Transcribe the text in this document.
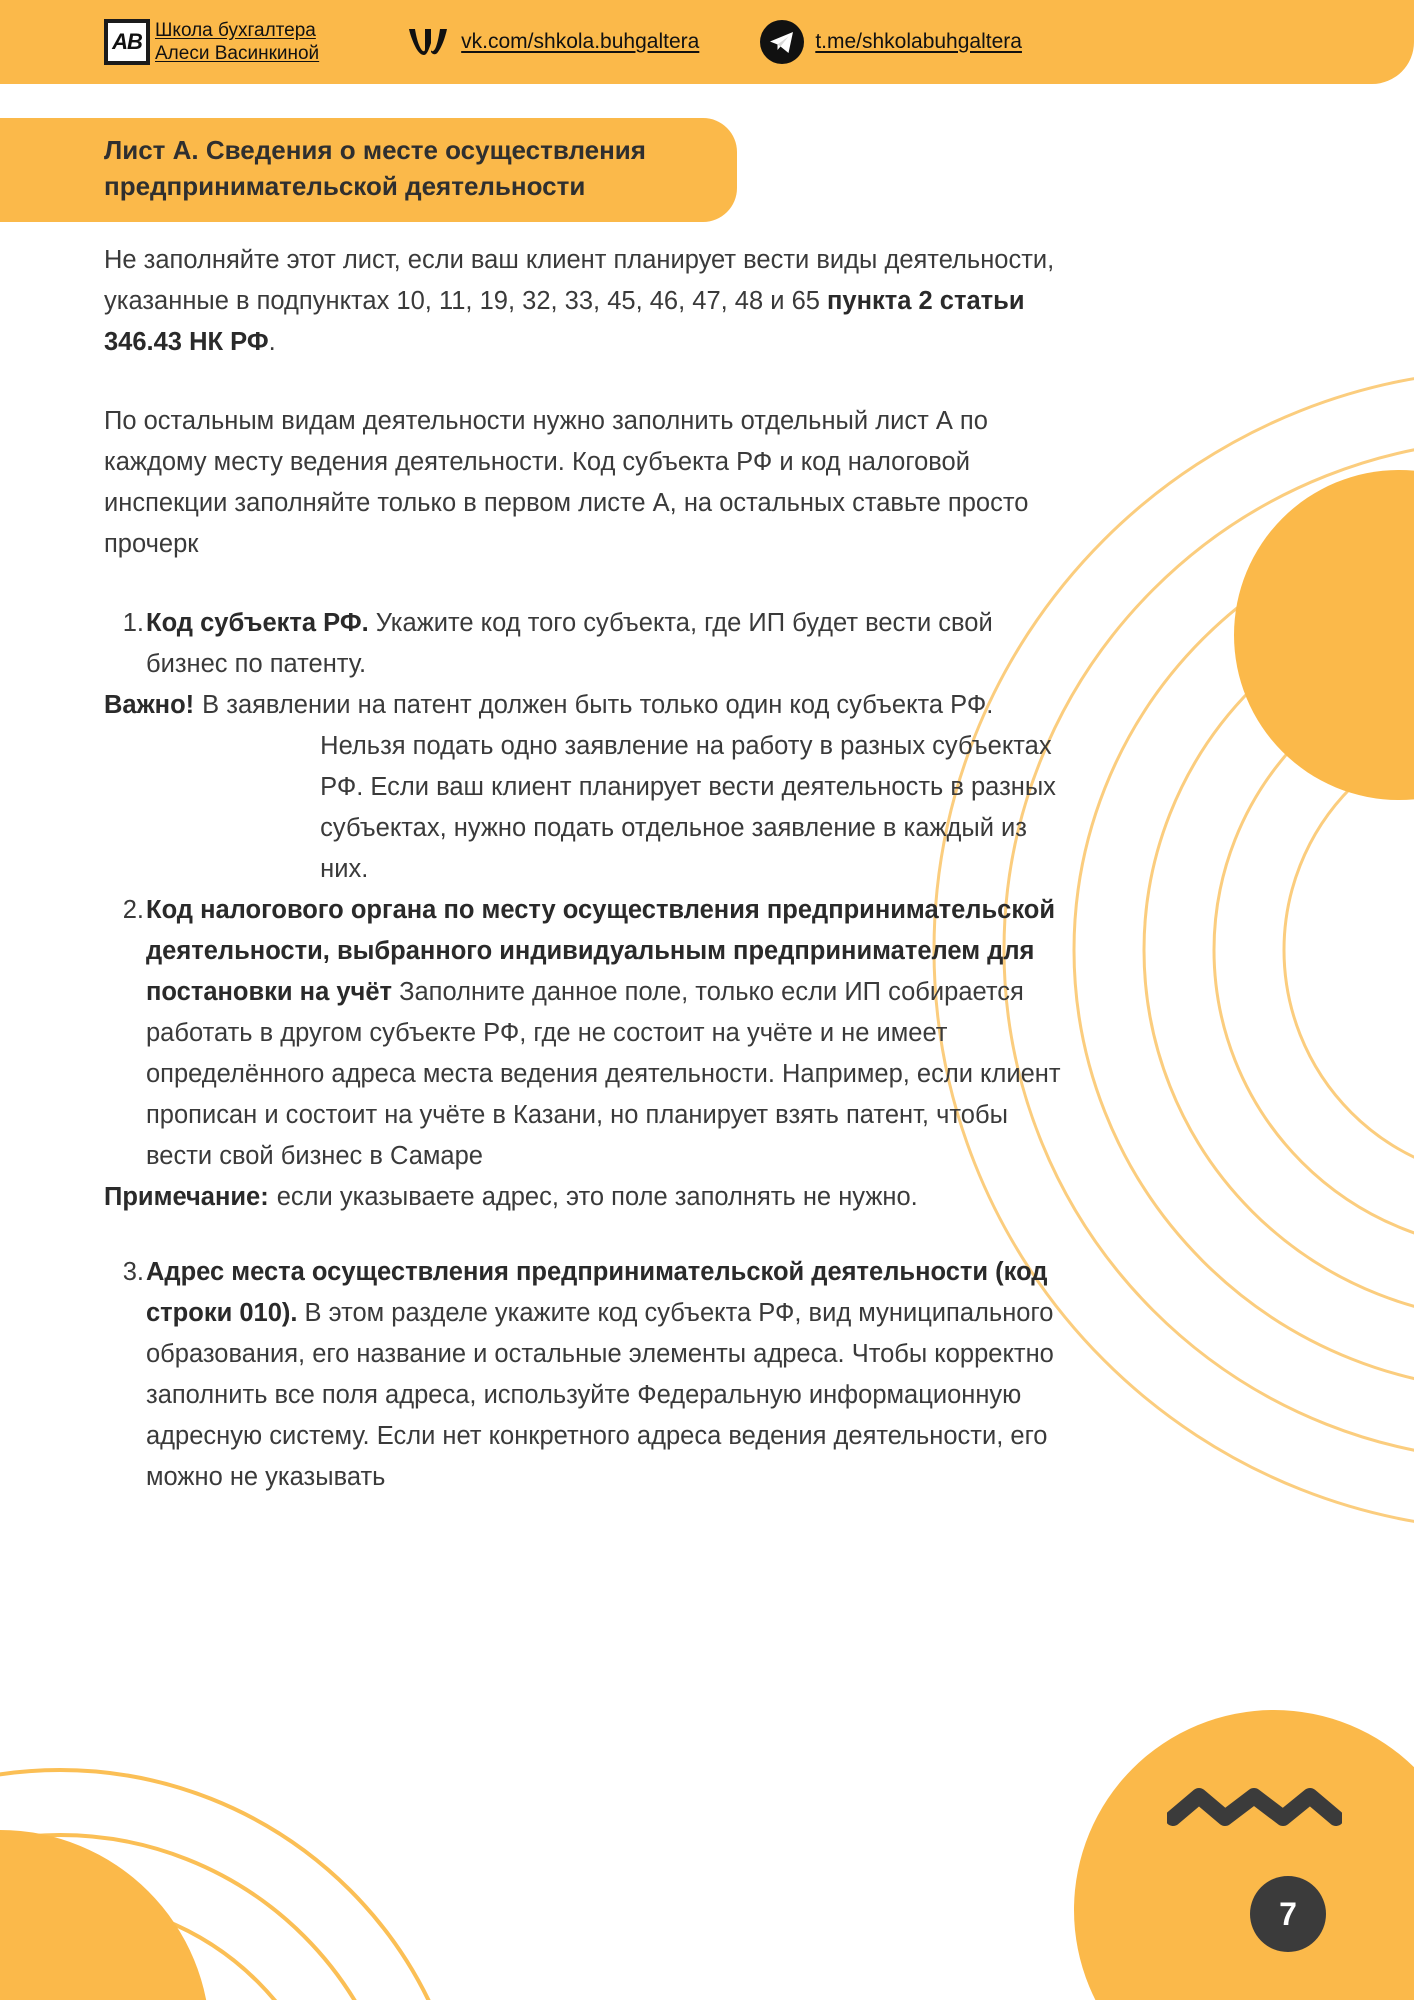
АВ Школа бухгалтера
Алеси Васинкиной
vk.com/shkola.buhgaltera	t.me/shkolabuhgaltera
Лист А. Сведения о месте осуществления
предпринимательской деятельности

Не заполняйте этот лист, если ваш клиент планирует вести виды деятельности, указанные в подпунктах 10, 11, 19, 32, 33, 45, 46, 47, 48 и 65 пункта 2 статьи 346.43 НК РФ.

По остальным видам деятельности нужно заполнить отдельный лист А по каждому месту ведения деятельности. Код субъекта РФ и код налоговой инспекции заполняйте только в первом листе А, на остальных ставьте просто прочерк

1. Код субъекта РФ. Укажите код того субъекта, где ИП будет вести свой бизнес по патенту.
Важно! В заявлении на патент должен быть только один код субъекта РФ. Нельзя подать одно заявление на работу в разных субъектах РФ. Если ваш клиент планирует вести деятельность в разных субъектах, нужно подать отдельное заявление в каждый из них.
2. Код налогового органа по месту осуществления предпринимательской деятельности, выбранного индивидуальным предпринимателем для постановки на учёт Заполните данное поле, только если ИП собирается работать в другом субъекте РФ, где не состоит на учёте и не имеет определённого адреса места ведения деятельности. Например, если клиент прописан и состоит на учёте в Казани, но планирует взять патент, чтобы вести свой бизнес в Самаре
Примечание: если указываете адрес, это поле заполнять не нужно.
3. Адрес места осуществления предпринимательской деятельности (код строки 010). В этом разделе укажите код субъекта РФ, вид муниципального образования, его название и остальные элементы адреса. Чтобы корректно заполнить все поля адреса, используйте Федеральную информационную адресную систему. Если нет конкретного адреса ведения деятельности, его можно не указывать
7
